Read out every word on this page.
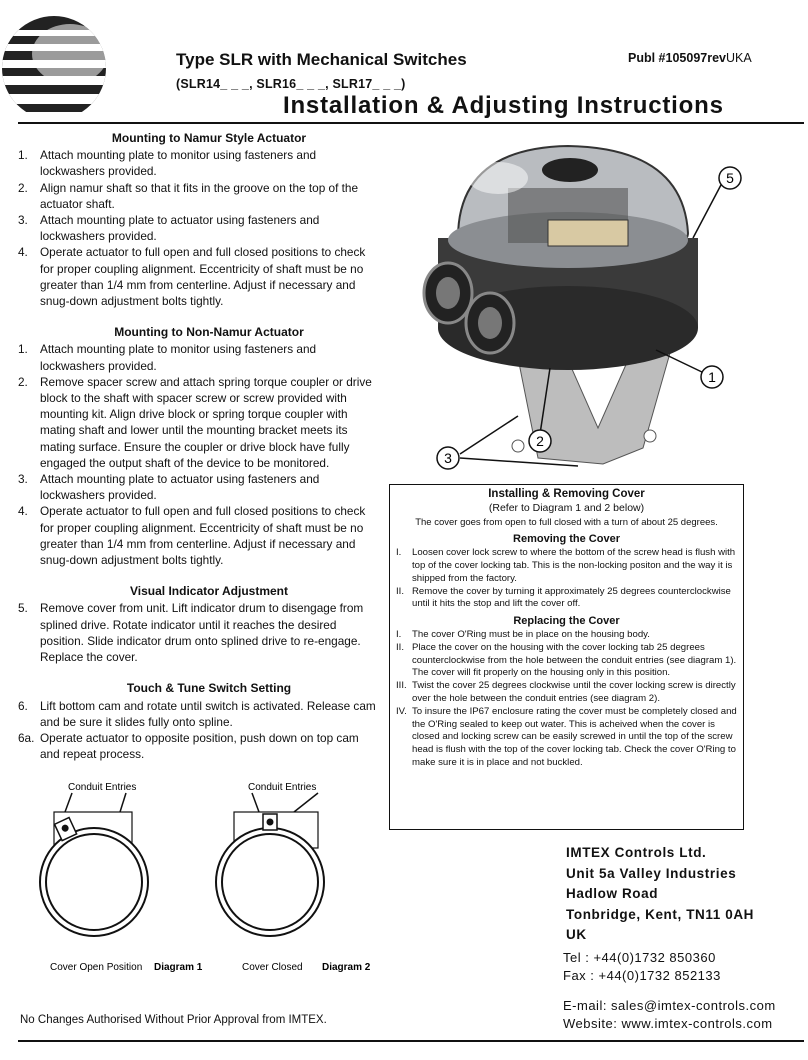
Type SLR with Mechanical Switches
(SLR14_ _ _, SLR16_ _ _, SLR17_ _ _)
Publ #105097revUKA
Installation & Adjusting Instructions
Mounting to Namur Style Actuator
1. Attach mounting plate to monitor using fasteners and lockwashers provided.
2. Align namur shaft so that it fits in the groove on the top of the actuator shaft.
3. Attach mounting plate to actuator using fasteners and lockwashers provided.
4. Operate actuator to full open and full closed positions to check for proper coupling alignment. Eccentricity of shaft must be no greater than 1/4 mm from centerline. Adjust if necessary and snug-down adjustment bolts tightly.
Mounting to Non-Namur Actuator
1. Attach mounting plate to monitor using fasteners and lockwashers provided.
2. Remove spacer screw and attach spring torque coupler or drive block to the shaft with spacer screw or screw provided with mounting kit. Align drive block or spring torque coupler with mating shaft and lower until the mounting bracket meets its mating surface. Ensure the coupler or drive block have fully engaged the output shaft of the device to be monitored.
3. Attach mounting plate to actuator using fasteners and lockwashers provided.
4. Operate actuator to full open and full closed positions to check for proper coupling alignment. Eccentricity of shaft must be no greater than 1/4 mm from centerline. Adjust if necessary and snug-down adjustment bolts tightly.
Visual Indicator Adjustment
5. Remove cover from unit. Lift indicator drum to disengage from splined drive. Rotate indicator until it reaches the desired position. Slide indicator drum onto splined drive to re-engage. Replace the cover.
Touch & Tune Switch Setting
6. Lift bottom cam and rotate until switch is activated. Release cam and be sure it slides fully onto spline.
6a. Operate actuator to opposite position, push down on top cam and repeat process.
5
1
2
3
Installing & Removing Cover
(Refer to Diagram 1 and 2 below)
The cover goes from open to full closed with a turn of about 25 degrees.
Removing the Cover
I. Loosen cover lock screw to where the bottom of the screw head is flush with top of the cover locking tab. This is the non-locking positon and the way it is shipped from the factory.
II. Remove the cover by turning it approximately 25 degrees counterclockwise until it hits the stop and lift the cover off.
Replacing the Cover
I. The cover O'Ring must be in place on the housing body.
II. Place the cover on the housing with the cover locking tab 25 degrees counterclockwise from the hole between the conduit entries (see diagram 1). The cover will fit properly on the housing only in this position.
III. Twist the cover 25 degrees clockwise until the cover locking screw is directly over the hole between the conduit entries (see diagram 2).
IV. To insure the IP67 enclosure rating the cover must be completely closed and the O'Ring sealed to keep out water. This is acheived when the cover is closed and locking screw can be easily screwed in until the top of the screw head is flush with the top of the cover locking tab. Check the cover O'Ring to make sure it is in place and not buckled.
Conduit Entries
Cover Open Position Diagram 1
Conduit Entries
Cover Closed Diagram 2
IMTEX Controls Ltd.
Unit 5a Valley Industries
Hadlow Road
Tonbridge, Kent, TN11 0AH
UK
Tel : +44(0)1732 850360
Fax : +44(0)1732 852133
E-mail: sales@imtex-controls.com
Website: www.imtex-controls.com
No Changes Authorised Without Prior Approval from IMTEX.
